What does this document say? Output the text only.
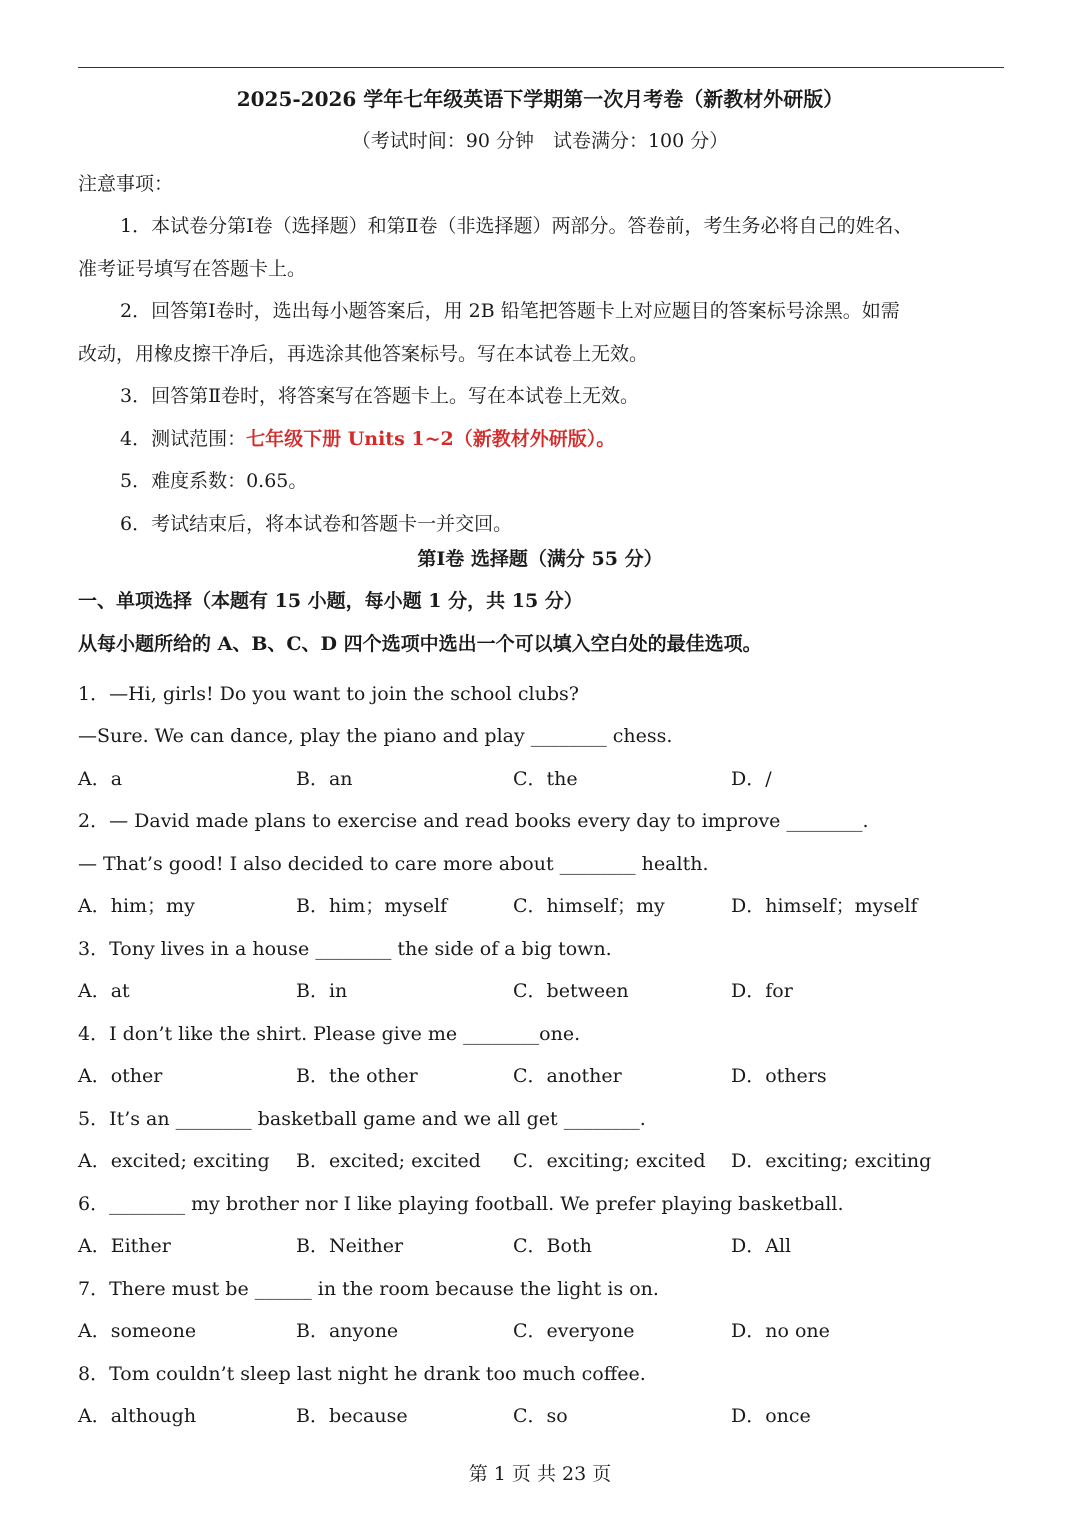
2025-2026 学年七年级英语下学期第一次月考卷（新教材外研版）
（考试时间：90 分钟　试卷满分：100 分）
注意事项：
1．本试卷分第Ⅰ卷（选择题）和第Ⅱ卷（非选择题）两部分。答卷前，考生务必将自己的姓名、
准考证号填写在答题卡上。
2．回答第Ⅰ卷时，选出每小题答案后，用 2B 铅笔把答题卡上对应题目的答案标号涂黑。如需
改动，用橡皮擦干净后，再选涂其他答案标号。写在本试卷上无效。
3．回答第Ⅱ卷时，将答案写在答题卡上。写在本试卷上无效。
4．测试范围：七年级下册 Units 1~2（新教材外研版）。
5．难度系数：0.65。
6．考试结束后，将本试卷和答题卡一并交回。
第Ⅰ卷 选择题（满分 55 分）
一、单项选择（本题有 15 小题，每小题 1 分，共 15 分）
从每小题所给的 A、B、C、D 四个选项中选出一个可以填入空白处的最佳选项。
1．—Hi, girls! Do you want to join the school clubs?
—Sure. We can dance, play the piano and play ________ chess.
A．a	B．an	C．the	D．/
2．— David made plans to exercise and read books every day to improve ________.
— That’s good! I also decided to care more about ________ health.
A．him；my	B．him；myself	C．himself；my	D．himself；myself
3．Tony lives in a house ________ the side of a big town.
A．at	B．in	C．between	D．for
4．I don’t like the shirt. Please give me ________one.
A．other	B．the other	C．another	D．others
5．It’s an ________ basketball game and we all get ________.
A．excited; exciting B．excited; excited C．exciting; excited D．exciting; exciting
6．________ my brother nor I like playing football. We prefer playing basketball.
A．Either	B．Neither	C．Both	D．All
7．There must be ______ in the room because the light is on.
A．someone	B．anyone	C．everyone	D．no one
8．Tom couldn’t sleep last night he drank too much coffee.
A．although	B．because	C．so	D．once
第 1 页 共 23 页
